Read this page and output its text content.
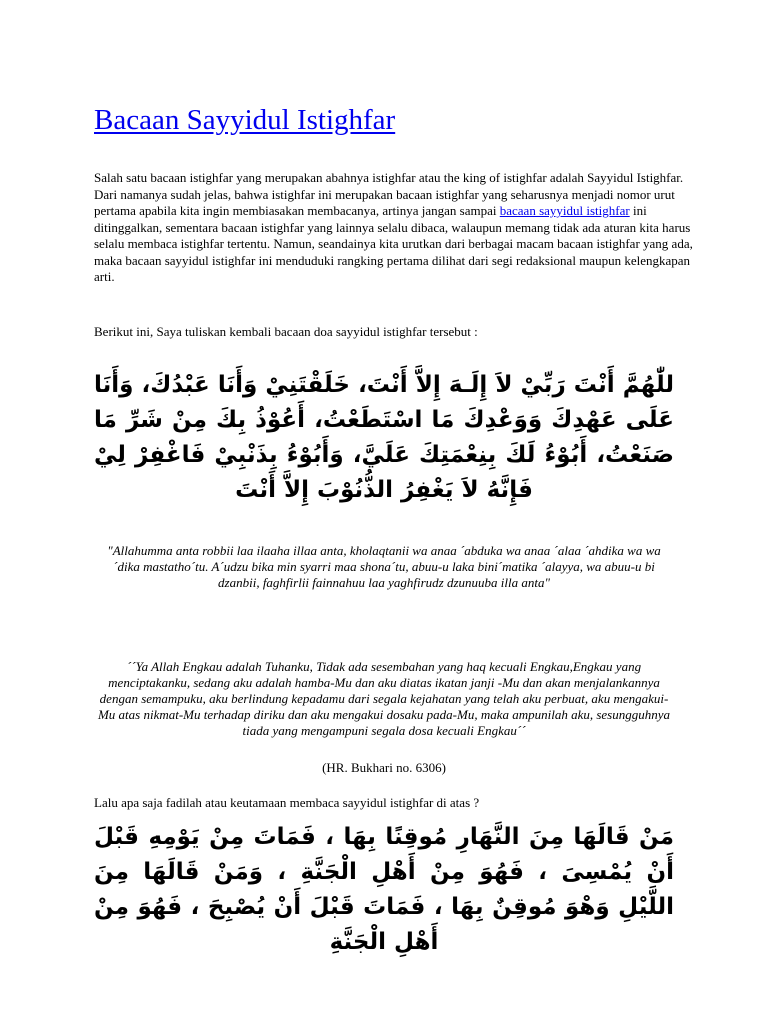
Bacaan Sayyidul Istighfar

Salah satu bacaan istighfar yang merupakan abahnya istighfar atau the king of istighfar adalah Sayyidul Istighfar. Dari namanya sudah jelas, bahwa istighfar ini merupakan bacaan istighfar yang seharusnya menjadi nomor urut pertama apabila kita ingin membiasakan membacanya, artinya jangan sampai bacaan sayyidul istighfar ini ditinggalkan, sementara bacaan istighfar yang lainnya selalu dibaca, walaupun memang tidak ada aturan kita harus selalu membaca istighfar tertentu. Namun, seandainya kita urutkan dari berbagai macam bacaan istighfar yang ada, maka bacaan sayyidul istighfar ini menduduki rangking pertama dilihat dari segi redaksional maupun kelengkapan arti.

Berikut ini, Saya tuliskan kembali bacaan doa sayyidul istighfar tersebut :

للّٰهُمَّ أَنْتَ رَبِّيْ لاَ إِلَـهَ إِلاَّ أَنْتَ، خَلَقْتَنِيْ وَأَنَا عَبْدُكَ، وَأَنَا عَلَى عَهْدِكَ وَوَعْدِكَ مَا اسْتَطَعْتُ، أَعُوْذُ بِكَ مِنْ شَرِّ مَا صَنَعْتُ، أَبُوْءُ لَكَ بِنِعْمَتِكَ عَلَيَّ، وَأَبُوْءُ بِذَنْبِيْ فَاغْفِرْ لِيْ فَإِنَّهُ لاَ يَغْفِرُ الذُّنُوْبَ إِلاَّ أَنْتَ

"Allahumma anta robbii laa ilaaha illaa anta, kholaqtanii wa anaa ´abduka wa anaa ´alaa ´ahdika wa wa´dika mastatho´tu. A´udzu bika min syarri maa shona´tu, abuu-u laka bini´matika ´alayya, wa abuu-u bi dzanbii, faghfirlii fainnahuu laa yaghfirudz dzunuuba illa anta"

´´Ya Allah Engkau adalah Tuhanku, Tidak ada sesembahan yang haq kecuali Engkau,Engkau yang menciptakanku, sedang aku adalah hamba-Mu dan aku diatas ikatan janji -Mu dan akan menjalankannya dengan semampuku, aku berlindung kepadamu dari segala kejahatan yang telah aku perbuat, aku mengakui-Mu atas nikmat-Mu terhadap diriku dan aku mengakui dosaku pada-Mu, maka ampunilah aku, sesungguhnya tiada yang mengampuni segala dosa kecuali Engkau´´

(HR. Bukhari no. 6306)

Lalu apa saja fadilah atau keutamaan membaca sayyidul istighfar di atas ?

مَنْ قَالَهَا مِنَ النَّهَارِ مُوقِنًا بِهَا ، فَمَاتَ مِنْ يَوْمِهِ قَبْلَ أَنْ يُمْسِىَ ، فَهُوَ مِنْ أَهْلِ الْجَنَّةِ ، وَمَنْ قَالَهَا مِنَ اللَّيْلِ وَهْوَ مُوقِنٌ بِهَا ، فَمَاتَ قَبْلَ أَنْ يُصْبِحَ ، فَهُوَ مِنْ أَهْلِ الْجَنَّةِ
